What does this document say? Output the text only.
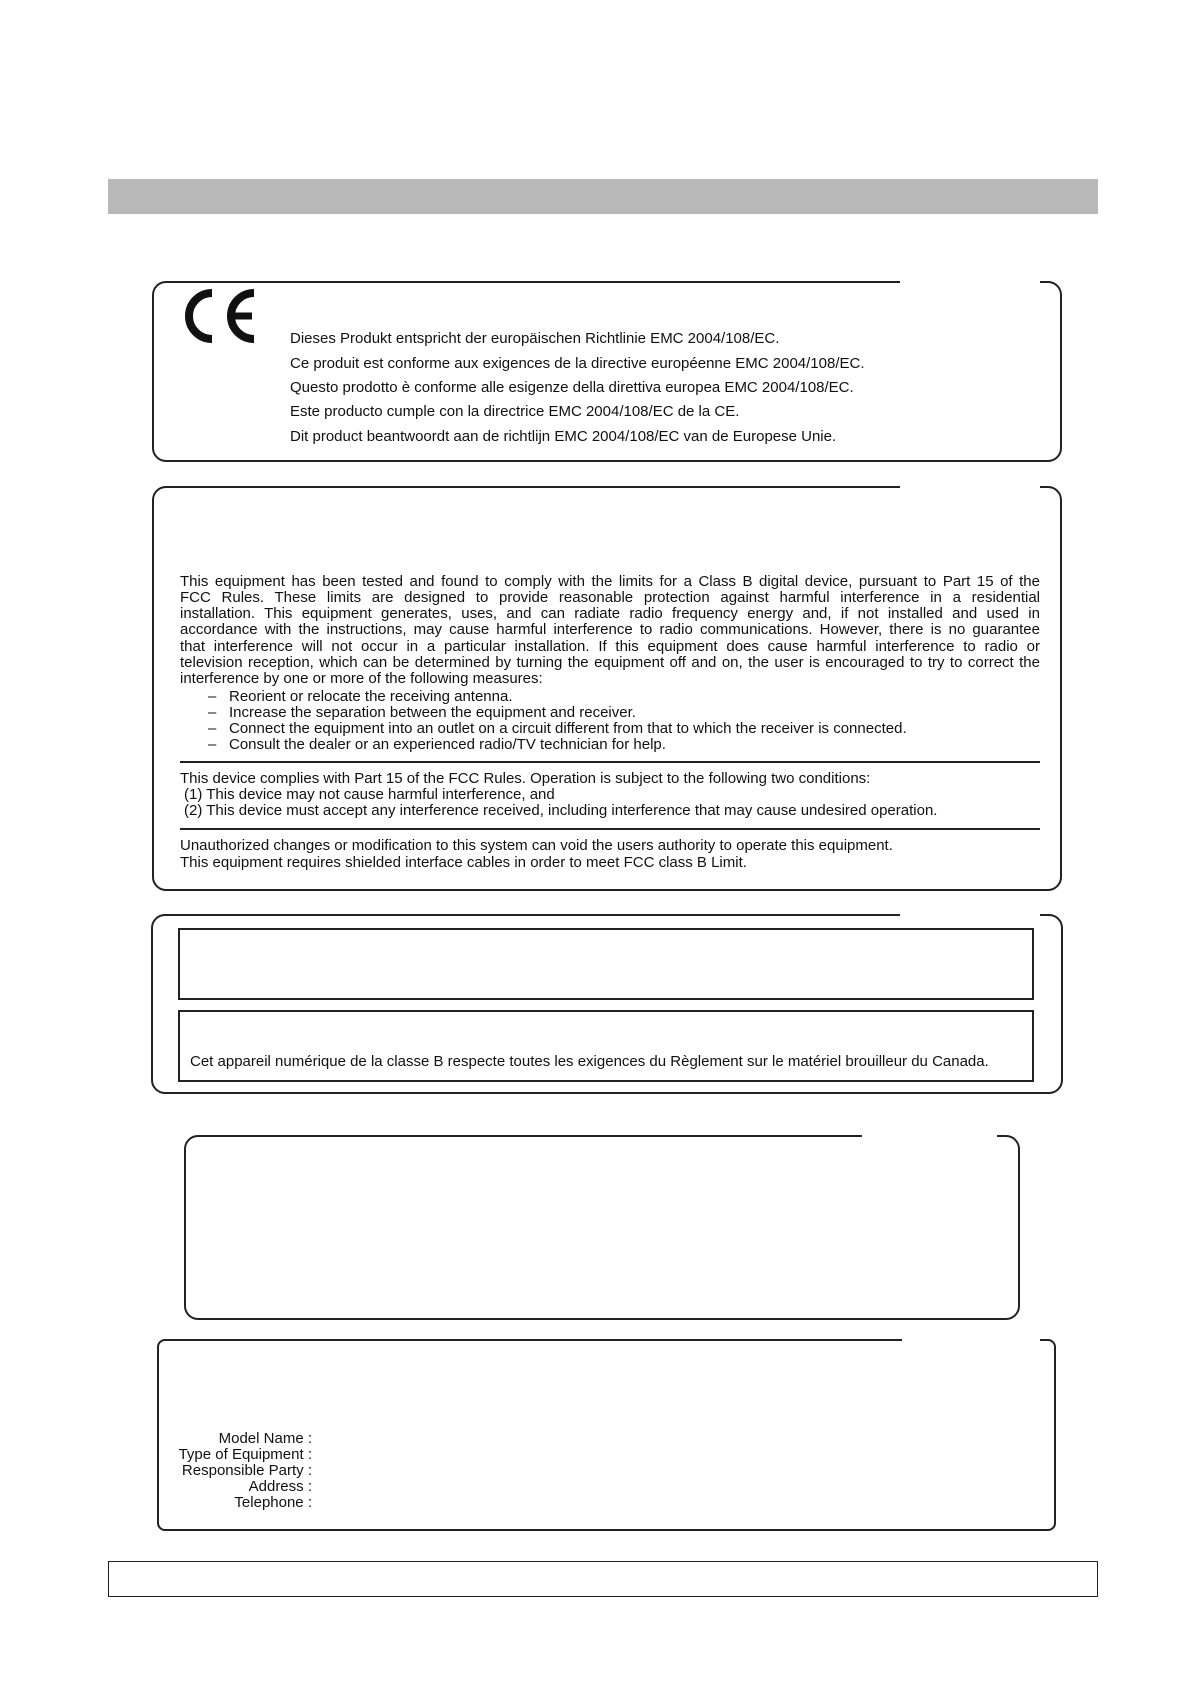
Dieses Produkt entspricht der europäischen Richtlinie EMC 2004/108/EC.
Ce produit est conforme aux exigences de la directive européenne EMC 2004/108/EC.
Questo prodotto è conforme alle esigenze della direttiva europea EMC 2004/108/EC.
Este producto cumple con la directrice EMC 2004/108/EC de la CE.
Dit product beantwoordt aan de richtlijn EMC 2004/108/EC van de Europese Unie.
This equipment has been tested and found to comply with the limits for a Class B digital device, pursuant to Part 15 of the
FCC Rules. These limits are designed to provide reasonable protection against harmful interference in a residential
installation. This equipment generates, uses, and can radiate radio frequency energy and, if not installed and used in
accordance with the instructions, may cause harmful interference to radio communications. However, there is no guarantee
that interference will not occur in a particular installation. If this equipment does cause harmful interference to radio or
television reception, which can be determined by turning the equipment off and on, the user is encouraged to try to correct the
interference by one or more of the following measures:
– Reorient or relocate the receiving antenna.
– Increase the separation between the equipment and receiver.
– Connect the equipment into an outlet on a circuit different from that to which the receiver is connected.
– Consult the dealer or an experienced radio/TV technician for help.
This device complies with Part 15 of the FCC Rules. Operation is subject to the following two conditions:
(1) This device may not cause harmful interference, and
(2) This device must accept any interference received, including interference that may cause undesired operation.
Unauthorized changes or modification to this system can void the users authority to operate this equipment.
This equipment requires shielded interface cables in order to meet FCC class B Limit.
Cet appareil numérique de la classe B respecte toutes les exigences du Règlement sur le matériel brouilleur du Canada.
Model Name :
Type of Equipment :
Responsible Party :
Address :
Telephone :
